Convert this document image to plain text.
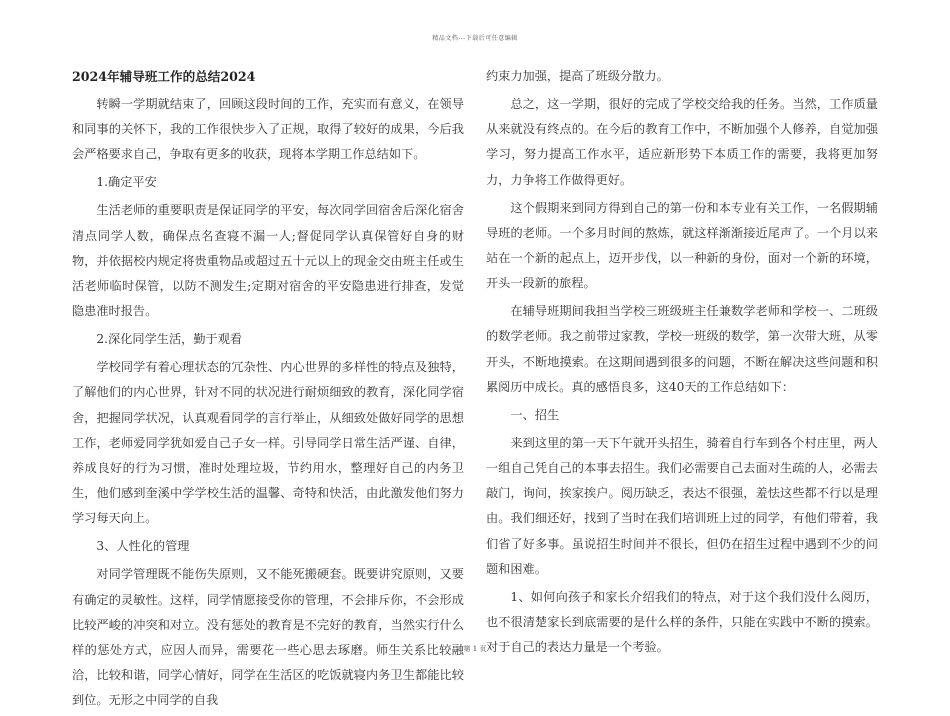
精品文档---下载后可任意编辑
2024年辅导班工作的总结2024

转瞬一学期就结束了，回顾这段时间的工作，充实而有意义，在领导和同事的关怀下，我的工作很快步入了正规，取得了较好的成果，今后我会严格要求自己，争取有更多的收获，现将本学期工作总结如下。

1.确定平安

生活老师的重要职责是保证同学的平安，每次同学回宿舍后深化宿舍清点同学人数，确保点名查寝不漏一人;督促同学认真保管好自身的财物，并依据校内规定将贵重物品或超过五十元以上的现金交由班主任或生活老师临时保管，以防不测发生;定期对宿舍的平安隐患进行排查，发觉隐患准时报告。

2.深化同学生活，勤于观看

学校同学有着心理状态的冗杂性、内心世界的多样性的特点及独特，了解他们的内心世界，针对不同的状况进行耐烦细致的教育，深化同学宿舍，把握同学状况，认真观看同学的言行举止，从细致处做好同学的思想工作，老师爱同学犹如爱自己子女一样。引导同学日常生活严谨、自律，养成良好的行为习惯，准时处理垃圾，节约用水，整理好自己的内务卫生，他们感到奎溪中学学校生活的温馨、奇特和快活，由此激发他们努力学习每天向上。

3、人性化的管理

对同学管理既不能伤失原则，又不能死搬硬套。既要讲究原则，又要有确定的灵敏性。这样，同学情愿接受你的管理，不会排斥你，不会形成比较严峻的冲突和对立。没有惩处的教育是不完好的教育，当然实行什么样的惩处方式，应因人而异，需要花一些心思去琢磨。师生关系比较融洽，比较和谐，同学心情好，同学在生活区的吃饭就寝内务卫生都能比较到位。无形之中同学的自我

约束力加强，提高了班级分散力。

总之，这一学期，很好的完成了学校交给我的任务。当然，工作质量从来就没有终点的。在今后的教育工作中，不断加强个人修养，自觉加强学习，努力提高工作水平，适应新形势下本质工作的需要，我将更加努力，力争将工作做得更好。

这个假期来到同方得到自己的第一份和本专业有关工作，一名假期辅导班的老师。一个多月时间的熬炼，就这样渐渐接近尾声了。一个月以来站在一个新的起点上，迈开步伐，以一种新的身份，面对一个新的环境，开头一段新的旅程。

在辅导班期间我担当学校三班级班主任兼数学老师和学校一、二班级的数学老师。我之前带过家教，学校一班级的数学，第一次带大班，从零开头，不断地摸索。在这期间遇到很多的问题，不断在解决这些问题和积累阅历中成长。真的感悟良多，这40天的工作总结如下：

一、招生

来到这里的第一天下午就开头招生，骑着自行车到各个村庄里，两人一组自己凭自己的本事去招生。我们必需要自己去面对生疏的人，必需去敲门，询问，挨家挨户。阅历缺乏，表达不很强，羞怯这些都不行以是理由。我们细还好，找到了当时在我们培训班上过的同学，有他们带着，我们省了好多事。虽说招生时间并不很长，但仍在招生过程中遇到不少的问题和困难。

1、如何向孩子和家长介绍我们的特点，对于这个我们没什么阅历，也不很清楚家长到底需要的是什么样的条件，只能在实践中不断的摸索。对于自己的表达力量是一个考验。

第 1 页
